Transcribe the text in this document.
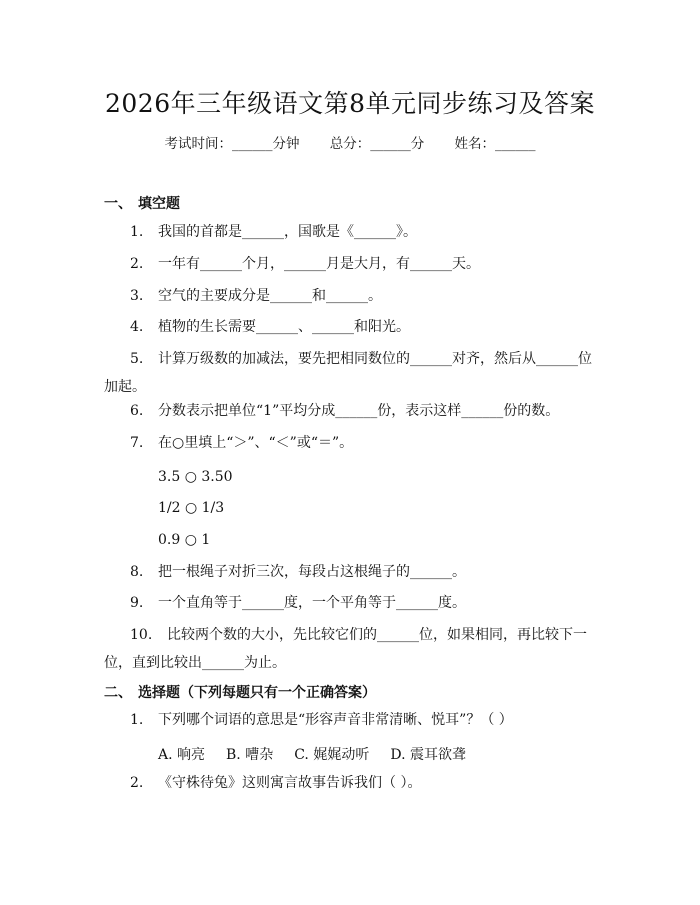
2026年三年级语文第8单元同步练习及答案
考试时间：______分钟 总分：______分 姓名：______
一、 填空题
1. 我国的首都是______，国歌是《______》。
2. 一年有______个月，______月是大月，有______天。
3. 空气的主要成分是______和______。
4. 植物的生长需要______、______和阳光。
5. 计算万级数的加减法，要先把相同数位的______对齐，然后从______位加起。
6. 分数表示把单位“1”平均分成______份，表示这样______份的数。
7. 在○里填上“＞”、“＜”或“＝”。
3.5 ○ 3.50
1/2 ○ 1/3
0.9 ○ 1
8. 把一根绳子对折三次，每段占这根绳子的______。
9. 一个直角等于______度，一个平角等于______度。
10. 比较两个数的大小，先比较它们的______位，如果相同，再比较下一位，直到比较出______为止。
二、 选择题（下列每题只有一个正确答案）
1. 下列哪个词语的意思是“形容声音非常清晰、悦耳”？（ ）
A. 响亮 B. 嘈杂 C. 娓娓动听 D. 震耳欲聋
2. 《守株待兔》这则寓言故事告诉我们（ ）。
